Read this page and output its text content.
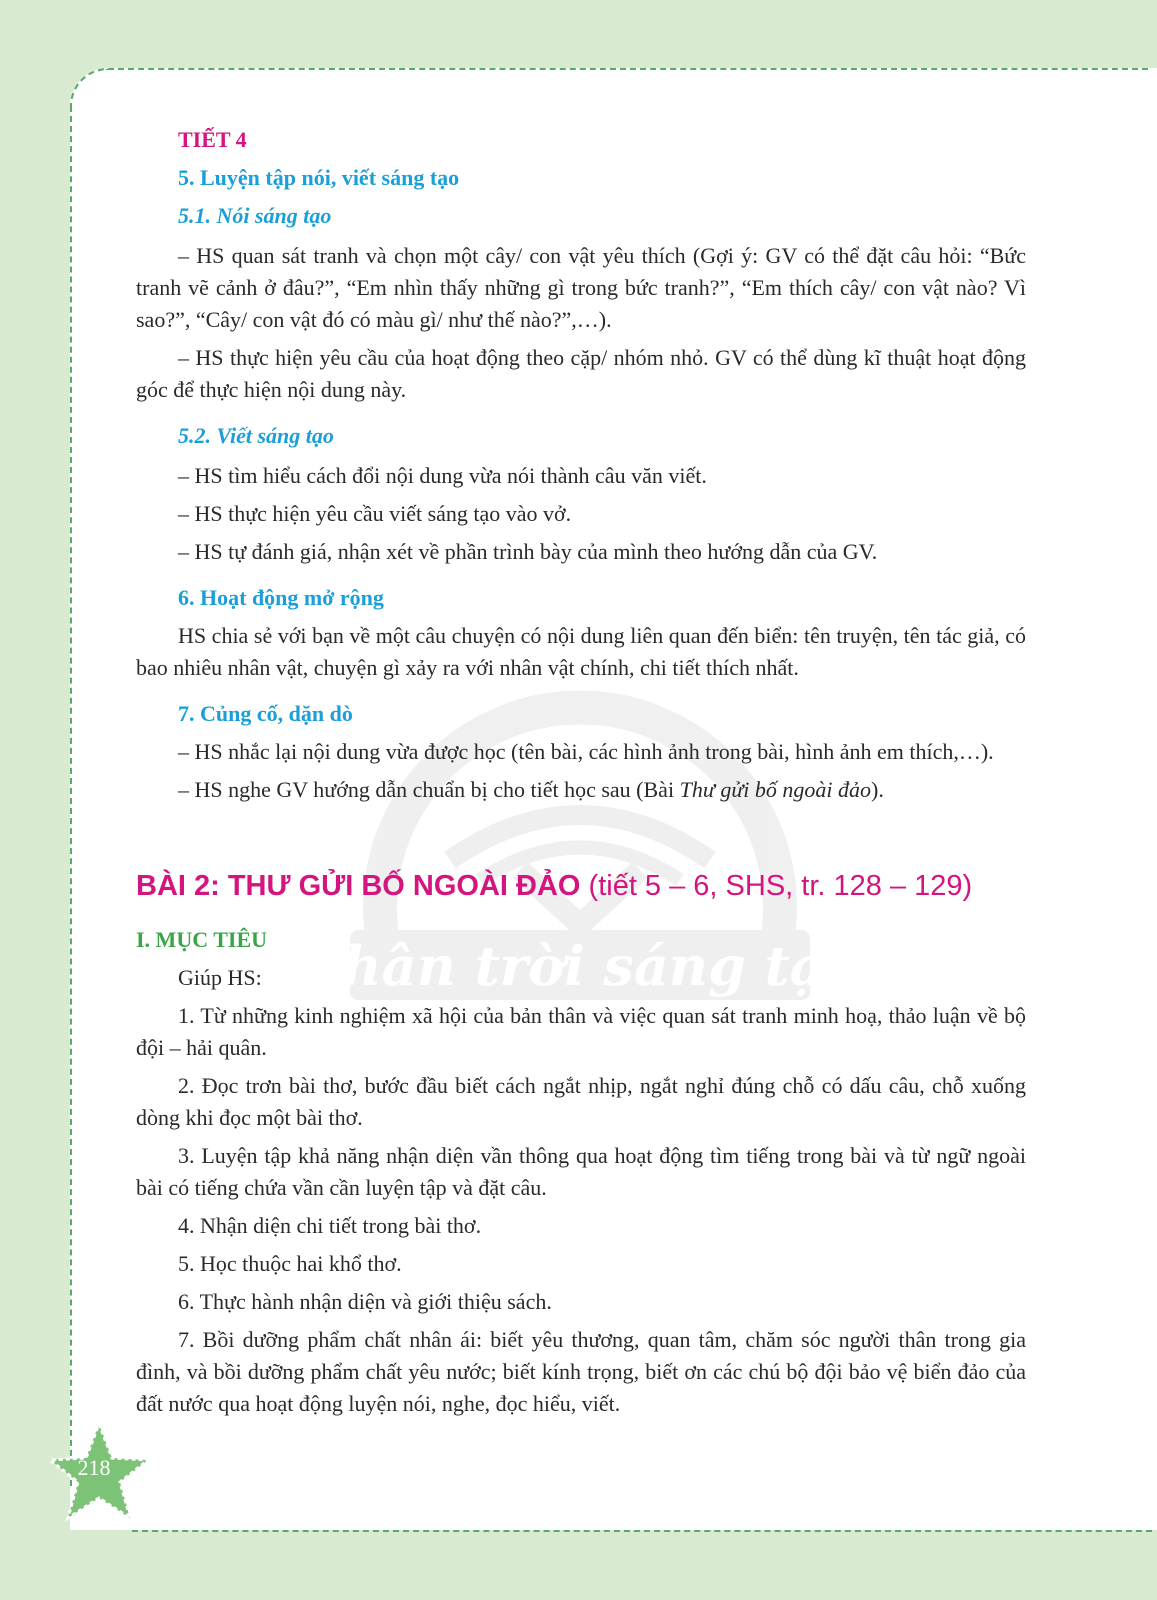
TIẾT 4

5. Luyện tập nói, viết sáng tạo

5.1. Nói sáng tạo

– HS quan sát tranh và chọn một cây/ con vật yêu thích (Gợi ý: GV có thể đặt câu hỏi: “Bức tranh vẽ cảnh ở đâu?”, “Em nhìn thấy những gì trong bức tranh?”, “Em thích cây/ con vật nào? Vì sao?”, “Cây/ con vật đó có màu gì/ như thế nào?”,…).

– HS thực hiện yêu cầu của hoạt động theo cặp/ nhóm nhỏ. GV có thể dùng kĩ thuật hoạt động góc để thực hiện nội dung này.

5.2. Viết sáng tạo

– HS tìm hiểu cách đổi nội dung vừa nói thành câu văn viết.

– HS thực hiện yêu cầu viết sáng tạo vào vở.

– HS tự đánh giá, nhận xét về phần trình bày của mình theo hướng dẫn của GV.

6. Hoạt động mở rộng

HS chia sẻ với bạn về một câu chuyện có nội dung liên quan đến biển: tên truyện, tên tác giả, có bao nhiêu nhân vật, chuyện gì xảy ra với nhân vật chính, chi tiết thích nhất.

7. Củng cố, dặn dò

– HS nhắc lại nội dung vừa được học (tên bài, các hình ảnh trong bài, hình ảnh em thích,…).

– HS nghe GV hướng dẫn chuẩn bị cho tiết học sau (Bài Thư gửi bố ngoài đảo).

BÀI 2: THƯ GỬI BỐ NGOÀI ĐẢO (tiết 5 – 6, SHS, tr. 128 – 129)

I. MỤC TIÊU

Giúp HS:

1. Từ những kinh nghiệm xã hội của bản thân và việc quan sát tranh minh hoạ, thảo luận về bộ đội – hải quân.

2. Đọc trơn bài thơ, bước đầu biết cách ngắt nhịp, ngắt nghỉ đúng chỗ có dấu câu, chỗ xuống dòng khi đọc một bài thơ.

3. Luyện tập khả năng nhận diện vần thông qua hoạt động tìm tiếng trong bài và từ ngữ ngoài bài có tiếng chứa vần cần luyện tập và đặt câu.

4. Nhận diện chi tiết trong bài thơ.

5. Học thuộc hai khổ thơ.

6. Thực hành nhận diện và giới thiệu sách.

7. Bồi dưỡng phẩm chất nhân ái: biết yêu thương, quan tâm, chăm sóc người thân trong gia đình, và bồi dưỡng phẩm chất yêu nước; biết kính trọng, biết ơn các chú bộ đội bảo vệ biển đảo của đất nước qua hoạt động luyện nói, nghe, đọc hiểu, viết.

218
